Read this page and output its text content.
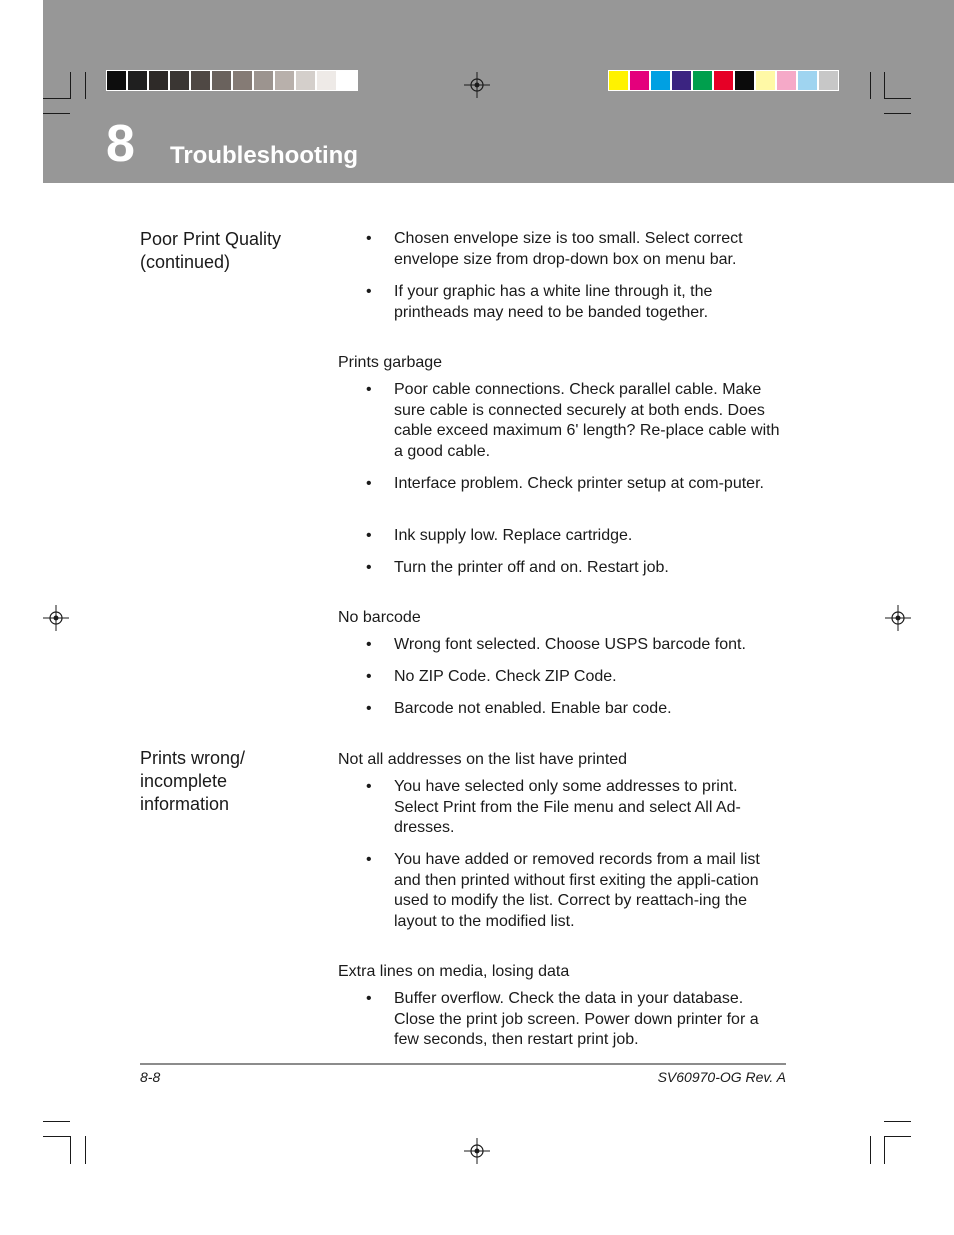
8 Troubleshooting
Poor Print Quality (continued)
• Chosen envelope size is too small. Select correct envelope size from drop-down box on menu bar.
• If your graphic has a white line through it, the printheads may need to be banded together.
Prints garbage
• Poor cable connections. Check parallel cable. Make sure cable is connected securely at both ends. Does cable exceed maximum 6' length? Re-place cable with a good cable.
• Interface problem. Check printer setup at com-puter.
• Ink supply low. Replace cartridge.
• Turn the printer off and on. Restart job.
No barcode
• Wrong font selected. Choose USPS barcode font.
• No ZIP Code. Check ZIP Code.
• Barcode not enabled. Enable bar code.
Prints wrong/ incomplete information
Not all addresses on the list have printed
• You have selected only some addresses to print. Select Print from the File menu and select All Ad-dresses.
• You have added or removed records from a mail list and then printed without first exiting the appli-cation used to modify the list. Correct by reattach-ing the layout to the modified list.
Extra lines on media, losing data
• Buffer overflow. Check the data in your database. Close the print job screen. Power down printer for a few seconds, then restart print job.
8-8	SV60970-OG Rev. A
